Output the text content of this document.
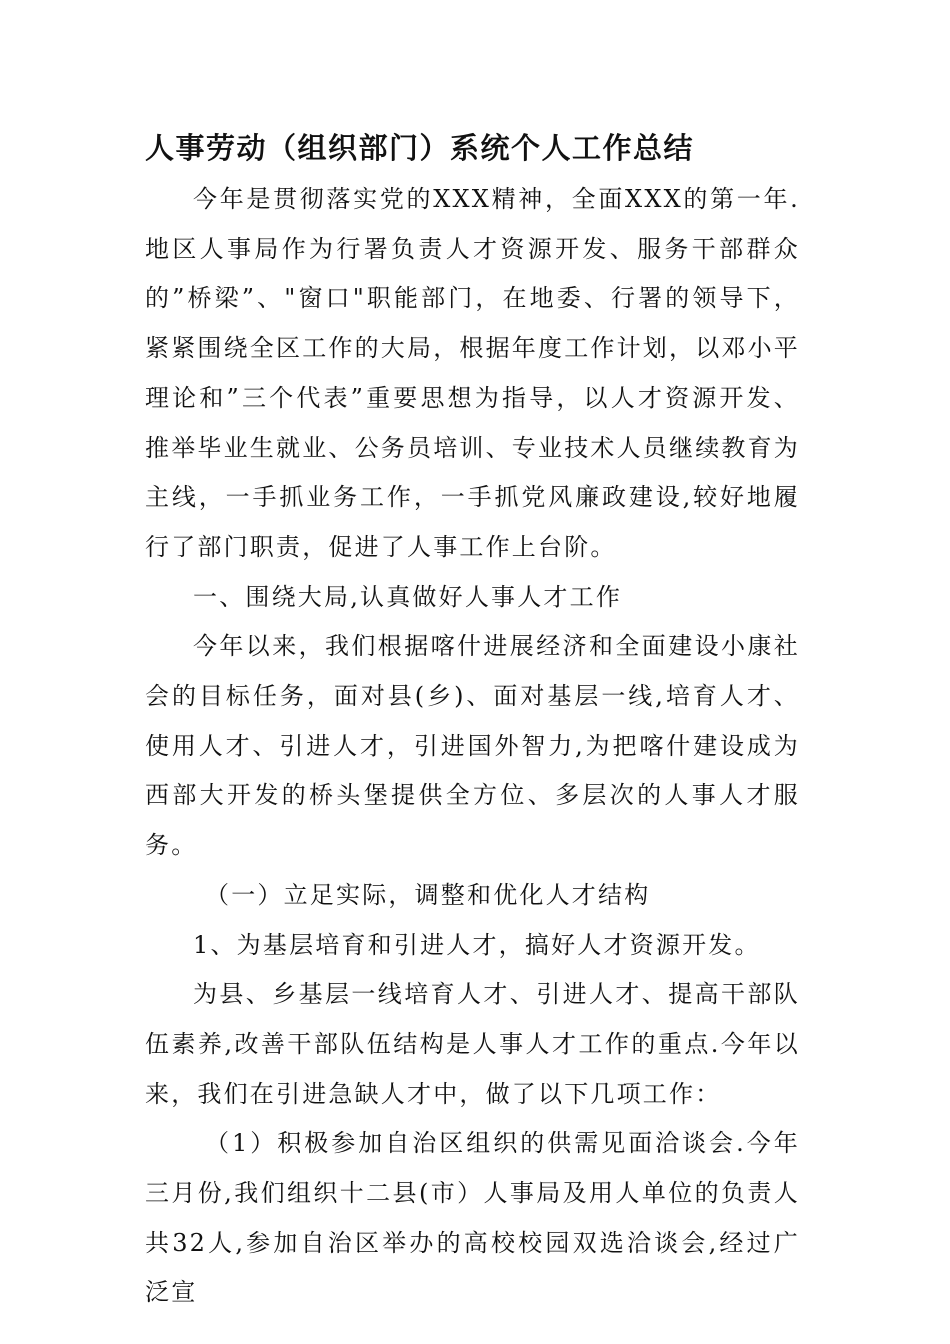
人事劳动（组织部门）系统个人工作总结

今年是贯彻落实党的XXX精神，全面XXX的第一年.地区人事局作为行署负责人才资源开发、服务干部群众的”桥梁”、"窗口"职能部门，在地委、行署的领导下，紧紧围绕全区工作的大局，根据年度工作计划，以邓小平理论和”三个代表”重要思想为指导，以人才资源开发、推举毕业生就业、公务员培训、专业技术人员继续教育为主线，一手抓业务工作，一手抓党风廉政建设,较好地履行了部门职责，促进了人事工作上台阶。

一、围绕大局,认真做好人事人才工作

今年以来，我们根据喀什进展经济和全面建设小康社会的目标任务，面对县(乡)、面对基层一线,培育人才、使用人才、引进人才，引进国外智力,为把喀什建设成为西部大开发的桥头堡提供全方位、多层次的人事人才服务。

（一）立足实际，调整和优化人才结构

1、为基层培育和引进人才，搞好人才资源开发。

为县、乡基层一线培育人才、引进人才、提高干部队伍素养,改善干部队伍结构是人事人才工作的重点.今年以来，我们在引进急缺人才中，做了以下几项工作：

（1）积极参加自治区组织的供需见面洽谈会.今年三月份,我们组织十二县(市）人事局及用人单位的负责人共32人,参加自治区举办的高校校园双选洽谈会,经过广泛宣
